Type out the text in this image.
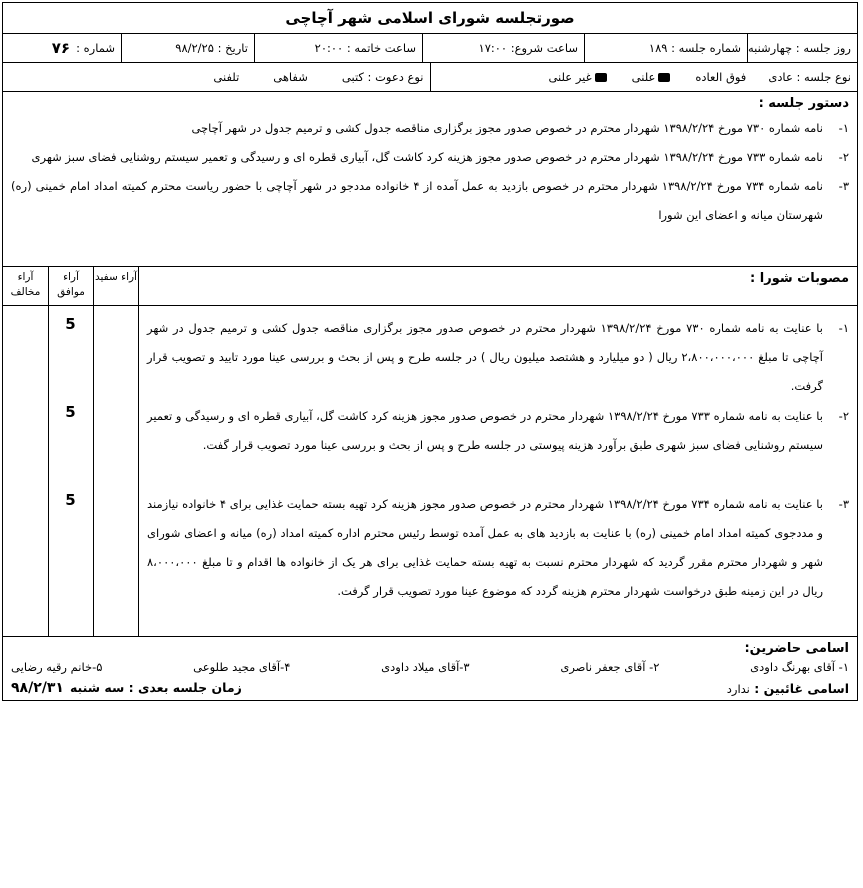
صورتجلسه شورای اسلامی شهر آچاچی
روز جلسه : چهارشنبه
شماره جلسه : ۱۸۹
ساعت شروع: ۱۷:۰۰
ساعت خاتمه : ۲۰:۰۰
تاریخ : ۹۸/۲/۲۵
شماره :
۷۶
نوع جلسه : عادی
فوق العاده
علنی
غیر علنی
نوع دعوت : کتبی
شفاهی
تلفنی
دستور جلسه :
۱-
نامه شماره ۷۳۰ مورخ ۱۳۹۸/۲/۲۴ شهردار محترم در خصوص صدور مجوز برگزاری مناقصه جدول کشی و ترمیم جدول در شهر آچاچی
۲-
نامه شماره ۷۳۳ مورخ ۱۳۹۸/۲/۲۴ شهردار محترم در خصوص صدور مجوز هزینه کرد کاشت گل، آبیاری قطره ای و رسیدگی و تعمیر سیستم روشنایی فضای سبز شهری
۳-
نامه شماره ۷۳۴ مورخ ۱۳۹۸/۲/۲۴ شهردار محترم در خصوص بازدید به عمل آمده از ۴ خانواده مددجو در شهر آچاچی با حضور ریاست محترم کمیته امداد امام خمینی (ره) شهرستان میانه و اعضای این شورا
مصوبات شورا :
۱-
با عنایت به نامه شماره ۷۳۰ مورخ ۱۳۹۸/۲/۲۴ شهردار محترم در خصوص صدور مجوز برگزاری مناقصه جدول کشی و ترمیم جدول در شهر آچاچی تا مبلغ ۲،۸۰۰،۰۰۰،۰۰۰ ریال ( دو میلیارد و هشتصد میلیون ریال ) در جلسه طرح و پس از بحث و بررسی عینا مورد تایید و تصویب قرار گرفت.
۲-
با عنایت به نامه شماره ۷۳۳ مورخ ۱۳۹۸/۲/۲۴ شهردار محترم در خصوص صدور مجوز هزینه کرد کاشت گل، آبیاری قطره ای و رسیدگی و تعمیر سیستم روشنایی فضای سبز شهری طبق برآورد هزینه پیوستی در جلسه طرح و پس از بحث و بررسی عینا مورد تصویب قرار گفت.
۳-
با عنایت به نامه شماره ۷۳۴ مورخ ۱۳۹۸/۲/۲۴ شهردار محترم در خصوص صدور مجوز هزینه کرد تهیه بسته حمایت غذایی برای ۴ خانواده نیازمند و مددجوی کمیته امداد امام خمینی (ره) با عنایت به بازدید های به عمل آمده توسط رئیس محترم اداره کمیته امداد (ره) میانه و اعضای شورای شهر و شهردار محترم مقرر گردید که شهردار محترم نسبت به تهیه بسته حمایت غذایی برای هر یک از خانواده ها اقدام و تا مبلغ ۸،۰۰۰،۰۰۰ ریال در این زمینه طبق درخواست شهردار محترم هزینه گردد که موضوع عینا مورد تصویب قرار گرفت.
آراء سفید
آراء موافق
5
5
5
آراء مخالف
اسامی حاضرین:
۱- آقای بهرنگ داودی
۲- آقای جعفر ناصری
۳-آقای میلاد داودی
۴-آقای مجید طلوعی
۵-خانم رقیه رضایی
اسامی غائبین : ندارد
زمان جلسه بعدی : سه شنبه۹۸/۲/۳۱
